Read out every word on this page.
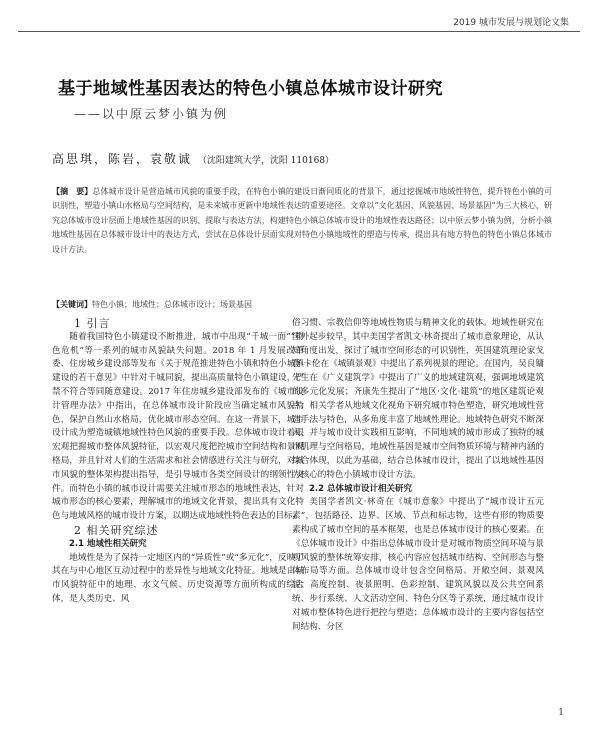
2019 城市发展与规划论文集
基于地域性基因表达的特色小镇总体城市设计研究
——以中原云梦小镇为例
高思琪，陈岩，袁敬诚 （沈阳建筑大学，沈阳 110168）
【摘　要】总体城市设计是营造城市风貌的重要手段，在特色小镇的建设日渐同质化的背景下，通过挖掘城市地域性特色，提升特色小镇的可识别性，塑造小镇山水格局与空间结构，是未来城市更新中地域性表达的重要途径。文章以“文化基因、风貌基因、场景基因”为三大核心，研究总体城市设计层面上地域性基因的识别、提取与表达方法，构建特色小镇总体城市设计的地域性表达路径；以中原云梦小镇为例，分析小镇地域性基因在总体城市设计中的表达方式，尝试在总体设计层面实现对特色小镇地域性的塑造与传承，提出具有地方特色的特色小镇总体城市设计方法。
【关键词】特色小镇；地域性；总体城市设计；场景基因

1 引言

随着我国特色小镇建设不断推进，城市中出现“千城一面”“特色危机”等一系列的城市风貌缺失问题。2018 年 1 月发展改革委、住房城乡建设部等发布《关于规范推进特色小镇和特色小城镇建设的若干意见》中针对千城同貌，提出高质量特色小镇建设，严禁不符合等同随意建设。2017 年住房城乡建设部发布的《城市设计管理办法》中指出，在总体城市设计阶段应当确定城市风貌特色，保护自然山水格局，优化城市形态空间。在这一背景下，城市设计成为塑造城镇地域性特色风貌的重要手段。总体城市设计着眼宏观把握城市整体风貌特征，以宏观尺度把控城市空间结构和景观格局，并且针对人们的生活需求和社会情感进行关注与研究，对城市风貌的整体架构提出指导，是引导城市各类空间设计的纲领性文件。而特色小镇的城市设计需要关注城市形态的地域性表达，针对城市形态的核心要素，理解城市的地域文化背景，提出具有文化特色与地域风格的城市设计方案，以期达成地域性特色表达的目标。

2 相关研究综述

2.1 地域性相关研究

地域性是为了保持一定地区内的“异质性”或“多元化”，反映了其在与中心地区互动过程中的差异性与地域文化特征。地域是由城市风貌特征中的地理、水文气候、历史资源等方面所构成的综合体，是人类历史、风

俗习惯、宗教信仰等地域性物质与精神文化的载体。地域性研究在国外起步较早，其中美国学者凯文·林奇提出了城市意象理论，从认知角度出发，探讨了城市空间形态的可识别性，英国建筑理论家戈登·卡伦在《城镇景观》中提出了系列视景的理论。在国内，吴良镛先生在《广义建筑学》中提出了广义的地域建筑观，强调地域建筑的多元化发展；齐康先生提出了“地区·文化·建筑”的地区建筑论观点；相关学者从地域文化视角下研究城市特色塑造，研究地域性营造手法与特色，从多角度丰富了地域性理论。地域特色研究不断深入，并与城市设计实践相互影响，不同地域的城市形成了独特的城市肌理与空间格局，地域性基因是城市空间物质环境与精神内涵的综合体现，以此为基础，结合总体城市设计，提出了以地域性基因为核心的特色小镇城市设计方法。

2.2 总体城市设计相关研究

美国学者凯文·林奇在《城市意象》中提出了“城市设计五元素”，包括路径、边界、区域、节点和标志物，这些有形的物质要素构成了城市空间的基本框架，也是总体城市设计的核心要素。在《总体城市设计》中指出总体城市设计是对城市物质空间环境与景观风貌的整体统筹安排，核心内容应包括城市结构、空间形态与整体布局等方面。总体城市设计包含空间格局、开敞空间、景观风貌、高度控制、夜景照明、色彩控制、建筑风貌以及公共空间系统、步行系统、人文活动空间、特色分区等子系统，通过城市设计对城市整体特色进行把控与塑造；总体城市设计的主要内容包括空间结构、分区

1
